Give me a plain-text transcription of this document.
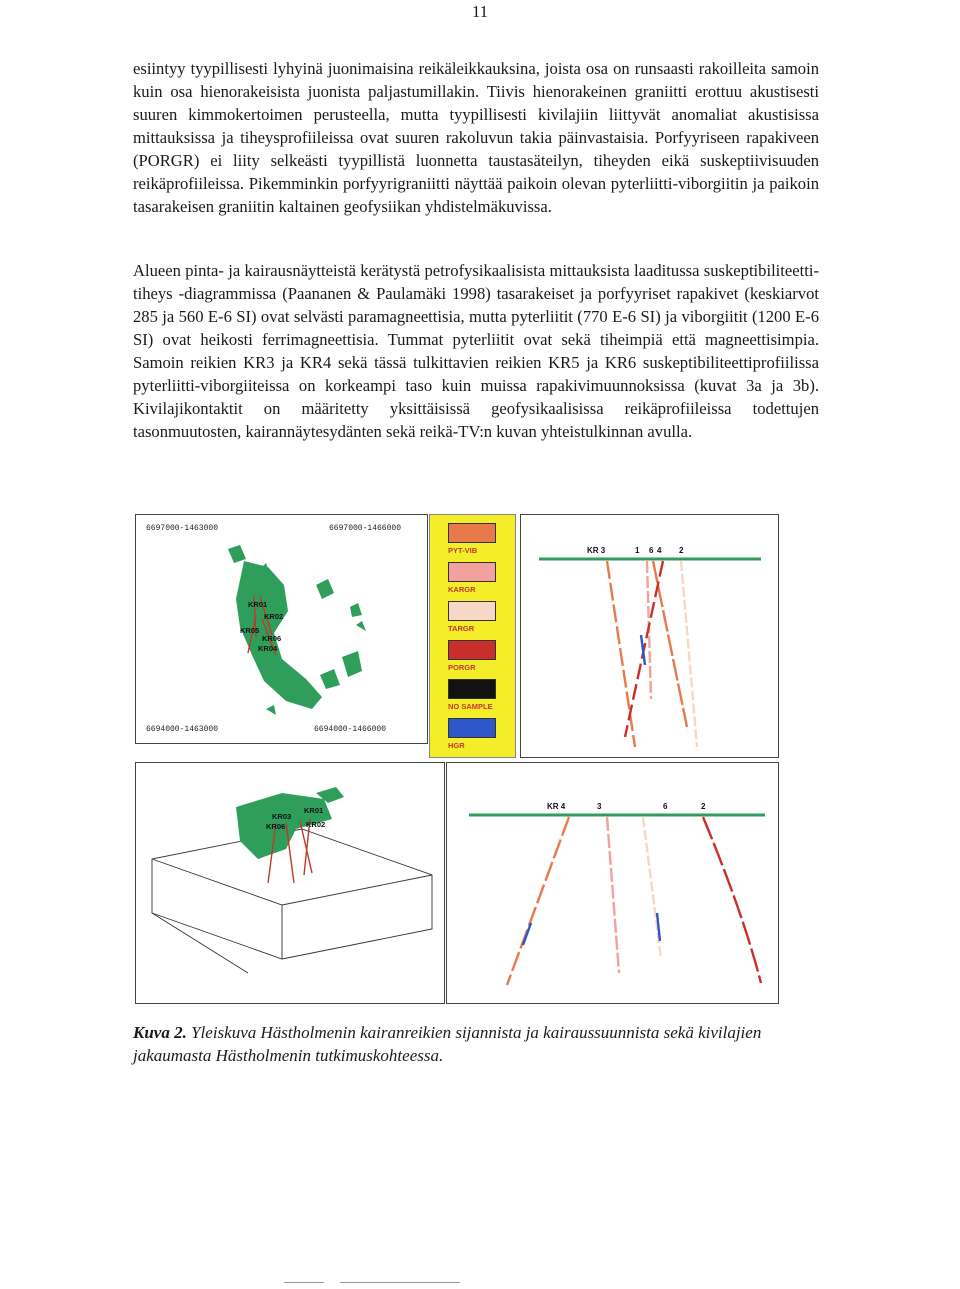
11

esiintyy tyypillisesti lyhyinä juonimaisina reikäleikkauksina, joista osa on runsaasti rakoilleita samoin kuin osa hienorakeisista juonista paljastumillakin. Tiivis hienorakeinen graniitti erottuu akustisesti suuren kimmokertoimen perusteella, mutta tyypillisesti kivilajiin liittyvät anomaliat akustisissa mittauksissa ja tiheysprofiileissa ovat suuren rakoluvun takia päinvastaisia. Porfyyriseen rapakiveen (PORGR) ei liity selkeästi tyypillistä luonnetta taustasäteilyn, tiheyden eikä suskeptiivisuuden reikäprofiileissa. Pikemminkin porfyyrigraniitti näyttää paikoin olevan pyterliitti-viborgiitin ja paikoin tasarakeisen graniitin kaltainen geofysiikan yhdistelmäkuvissa.

Alueen pinta- ja kairausnäytteistä kerätystä petrofysikaalisista mittauksista laaditussa suskeptibiliteetti-tiheys -diagrammissa (Paananen & Paulamäki 1998) tasarakeiset ja porfyyriset rapakivet (keskiarvot 285 ja 560 E-6 SI) ovat selvästi paramagneettisia, mutta pyterliitit (770 E-6 SI) ja viborgiitit (1200 E-6 SI) ovat heikosti ferrimagneettisia. Tummat pyterliitit ovat sekä tiheimpiä että magneettisimpia. Samoin reikien KR3 ja KR4 sekä tässä tulkittavien reikien KR5 ja KR6 suskeptibiliteettiprofiilissa pyterliitti-viborgiiteissa on korkeampi taso kuin muissa rapakivimuunnoksissa (kuvat 3a ja 3b). Kivilajikontaktit on määritetty yksittäisissä geofysikaalisissa reikäprofiileissa todettujen tasonmuutosten, kairannäytesydänten sekä reikä-TV:n kuvan yhteistulkinnan avulla.

6697000-1463000	6697000-1466000
6694000-1463000	6694000-1466000
KR01
KR02
KR05
KR06
KR04
PYT-VIB
KARGR
TARGR
PORGR
NO SAMPLE
HGR
KR 3	1 6 4 2
KR03
KR01
KR06	KR02
KR 4	3	6	2

Kuva 2. Yleiskuva Hästholmenin kairanreikien sijannista ja kairaussuunnista sekä kivilajien jakaumasta Hästholmenin tutkimuskohteessa.
